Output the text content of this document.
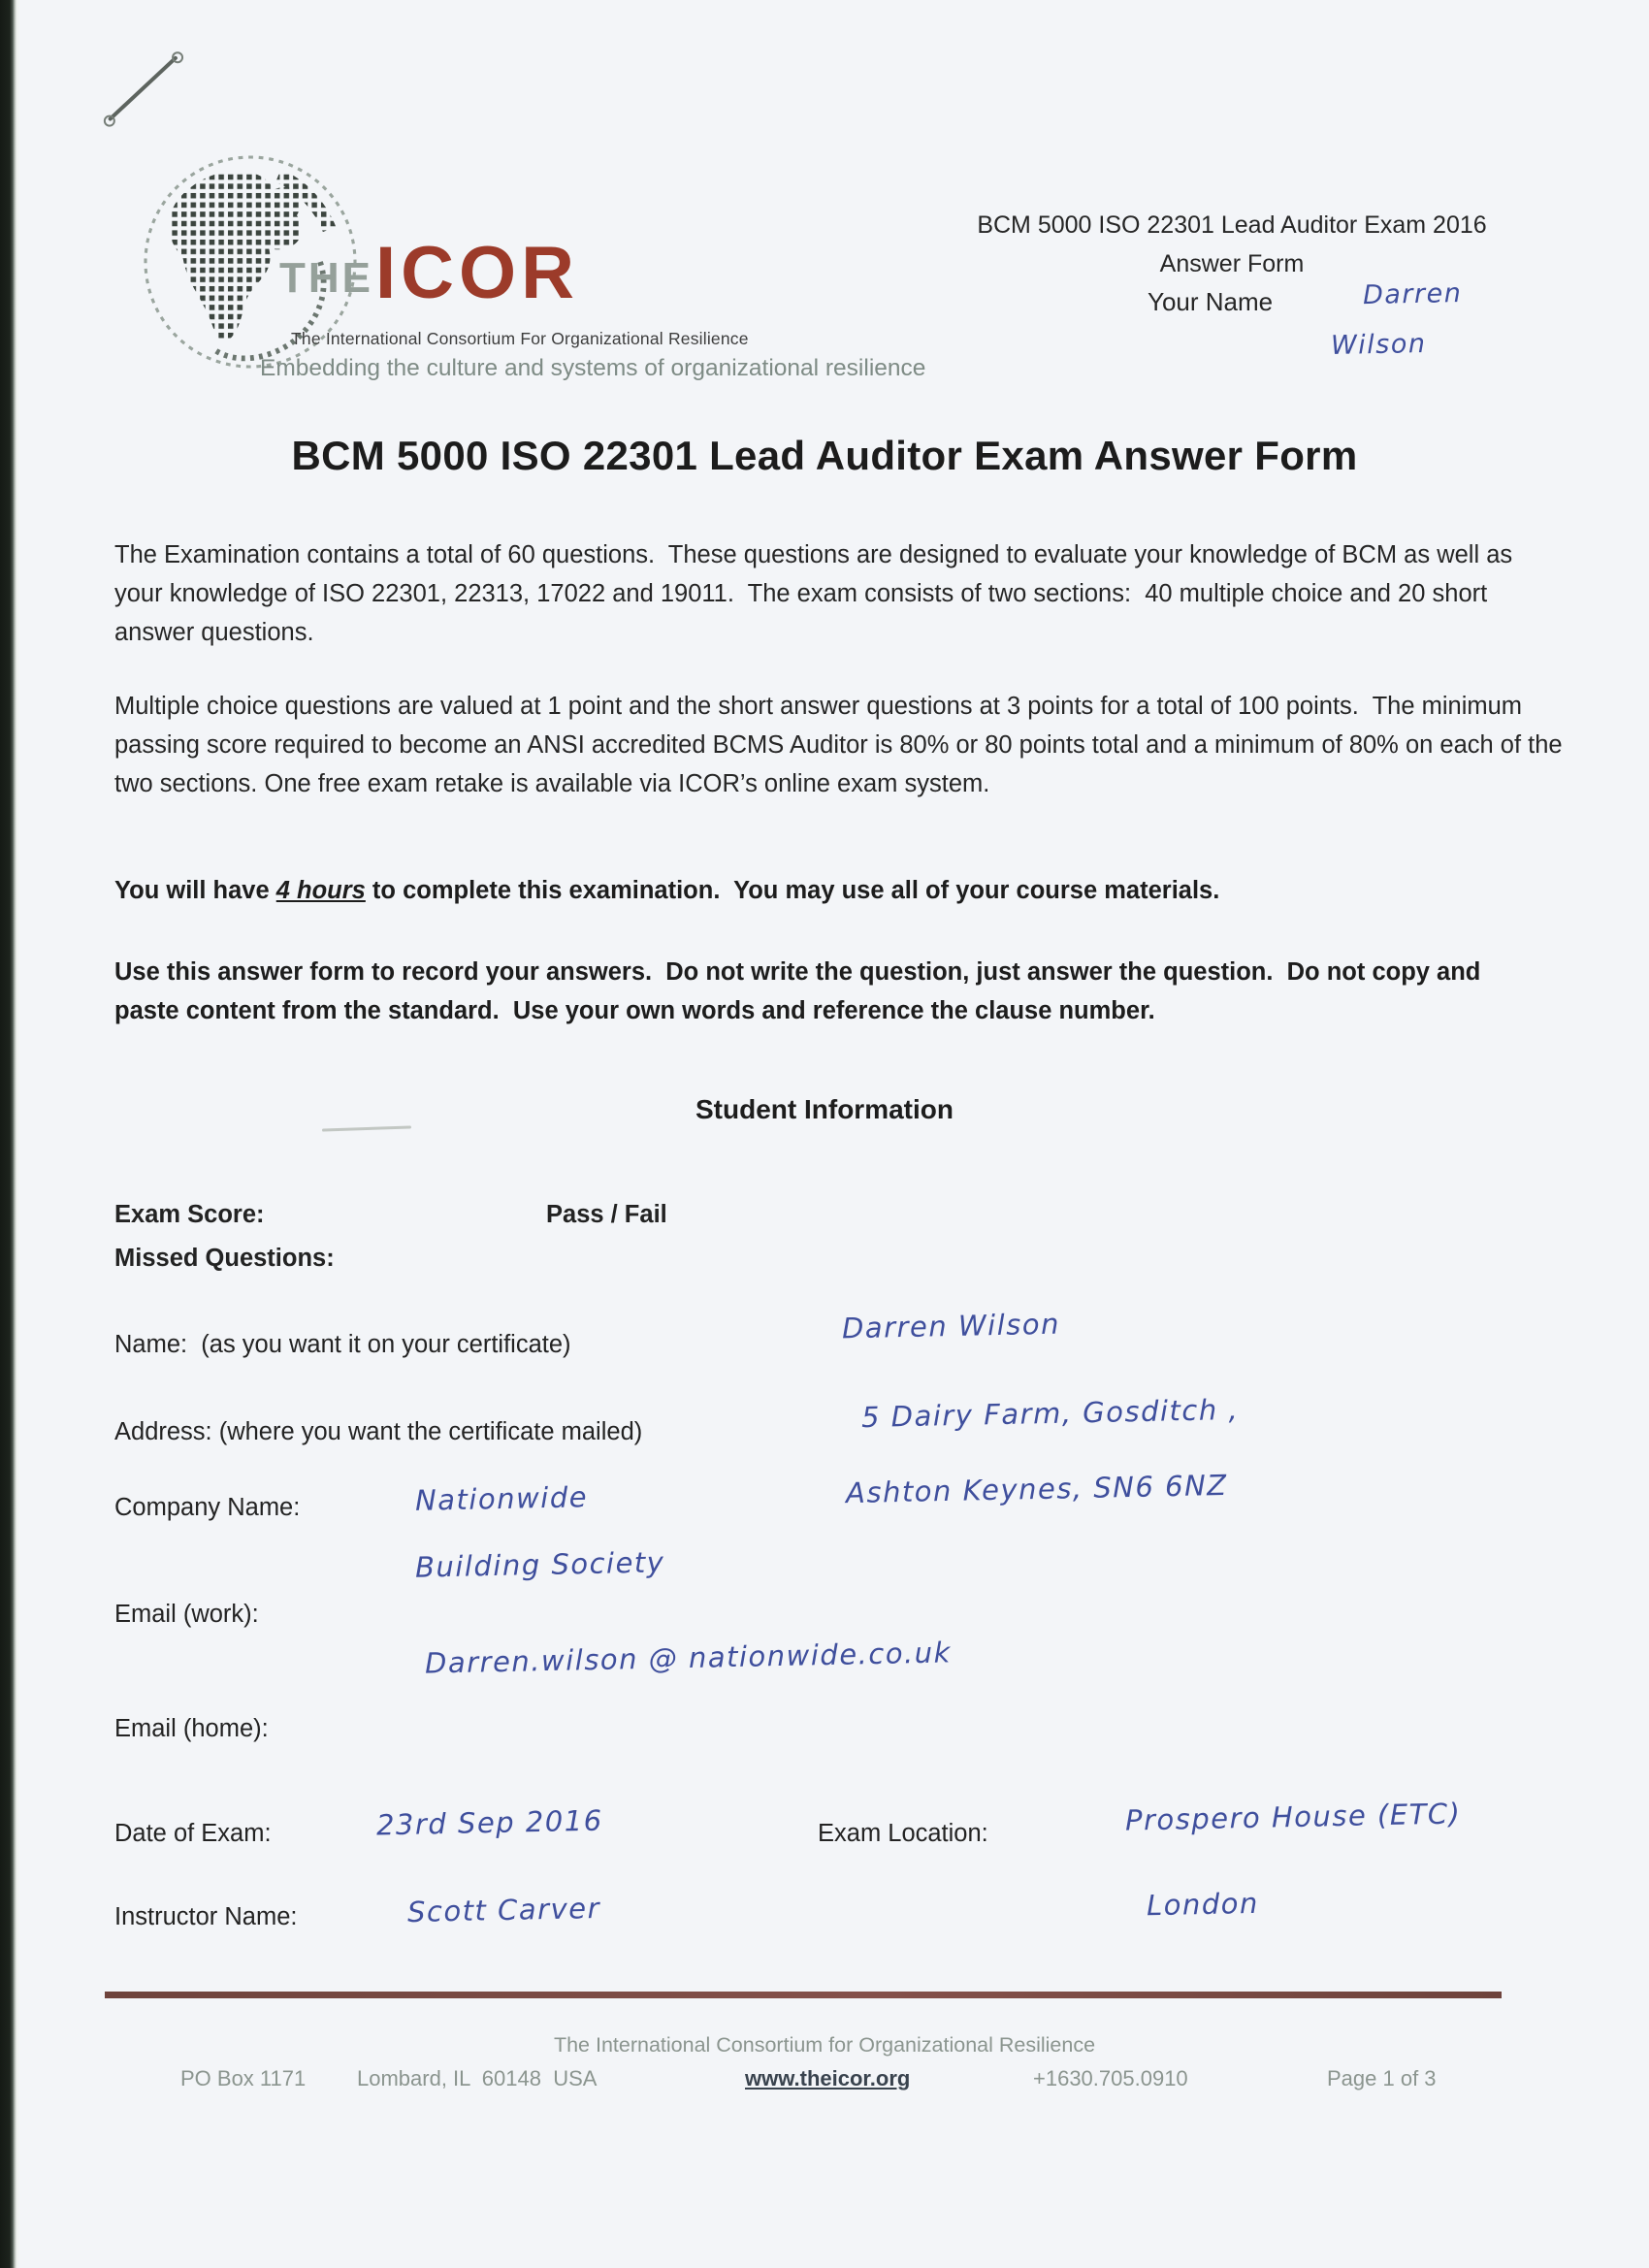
THE ICOR
The International Consortium For Organizational Resilience
Embedding the culture and systems of organizational resilience
BCM 5000 ISO 22301 Lead Auditor Exam 2016
Answer Form
Your Name	Darren
Wilson
BCM 5000 ISO 22301 Lead Auditor Exam Answer Form
The Examination contains a total of 60 questions.  These questions are designed to evaluate your knowledge of BCM as well as your knowledge of ISO 22301, 22313, 17022 and 19011.  The exam consists of two sections:  40 multiple choice and 20 short answer questions.
Multiple choice questions are valued at 1 point and the short answer questions at 3 points for a total of 100 points.  The minimum passing score required to become an ANSI accredited BCMS Auditor is 80% or 80 points total and a minimum of 80% on each of the two sections. One free exam retake is available via ICOR’s online exam system.
You will have 4 hours to complete this examination.  You may use all of your course materials.
Use this answer form to record your answers.  Do not write the question, just answer the question.  Do not copy and paste content from the standard.  Use your own words and reference the clause number.
Student Information
Exam Score:	Pass / Fail
Missed Questions:
Name:  (as you want it on your certificate)	Darren Wilson
Address: (where you want the certificate mailed)	5 Dairy Farm, Gosditch ,
Ashton Keynes, SN6 6NZ
Company Name:	Nationwide
Building Society
Email (work):
Darren.wilson @ nationwide.co.uk
Email (home):
Date of Exam:	23rd Sep 2016	Exam Location:	Prospero House (ETC)
London
Instructor Name:	Scott Carver
The International Consortium for Organizational Resilience
PO Box 1171 Lombard, IL  60148  USA	www.theicor.org	+1630.705.0910	Page 1 of 3
